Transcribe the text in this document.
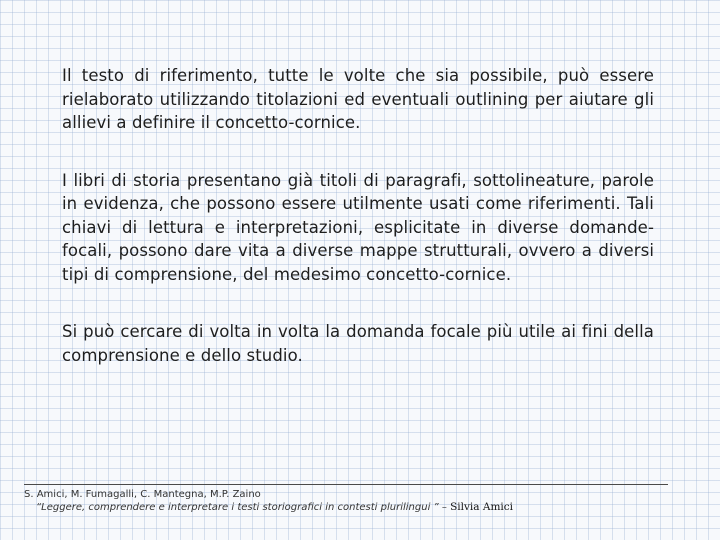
Il testo di riferimento, tutte le volte che sia possibile, può essere rielaborato utilizzando titolazioni ed eventuali outlining per aiutare gli allievi a definire il concetto-cornice.

I libri di storia presentano già titoli di paragrafi, sottolineature, parole in evidenza, che possono essere utilmente usati come riferimenti. Tali chiavi di lettura e interpretazioni, esplicitate in diverse domande-focali, possono dare vita a diverse mappe strutturali, ovvero a diversi tipi di comprensione, del medesimo concetto-cornice.

Si può cercare di volta in volta la domanda focale più utile ai fini della comprensione e dello studio.

S. Amici, M. Fumagalli, C. Mantegna, M.P. Zaino
“Leggere, comprendere e interpretare i testi storiografici in contesti plurilingui ” – Silvia Amici
